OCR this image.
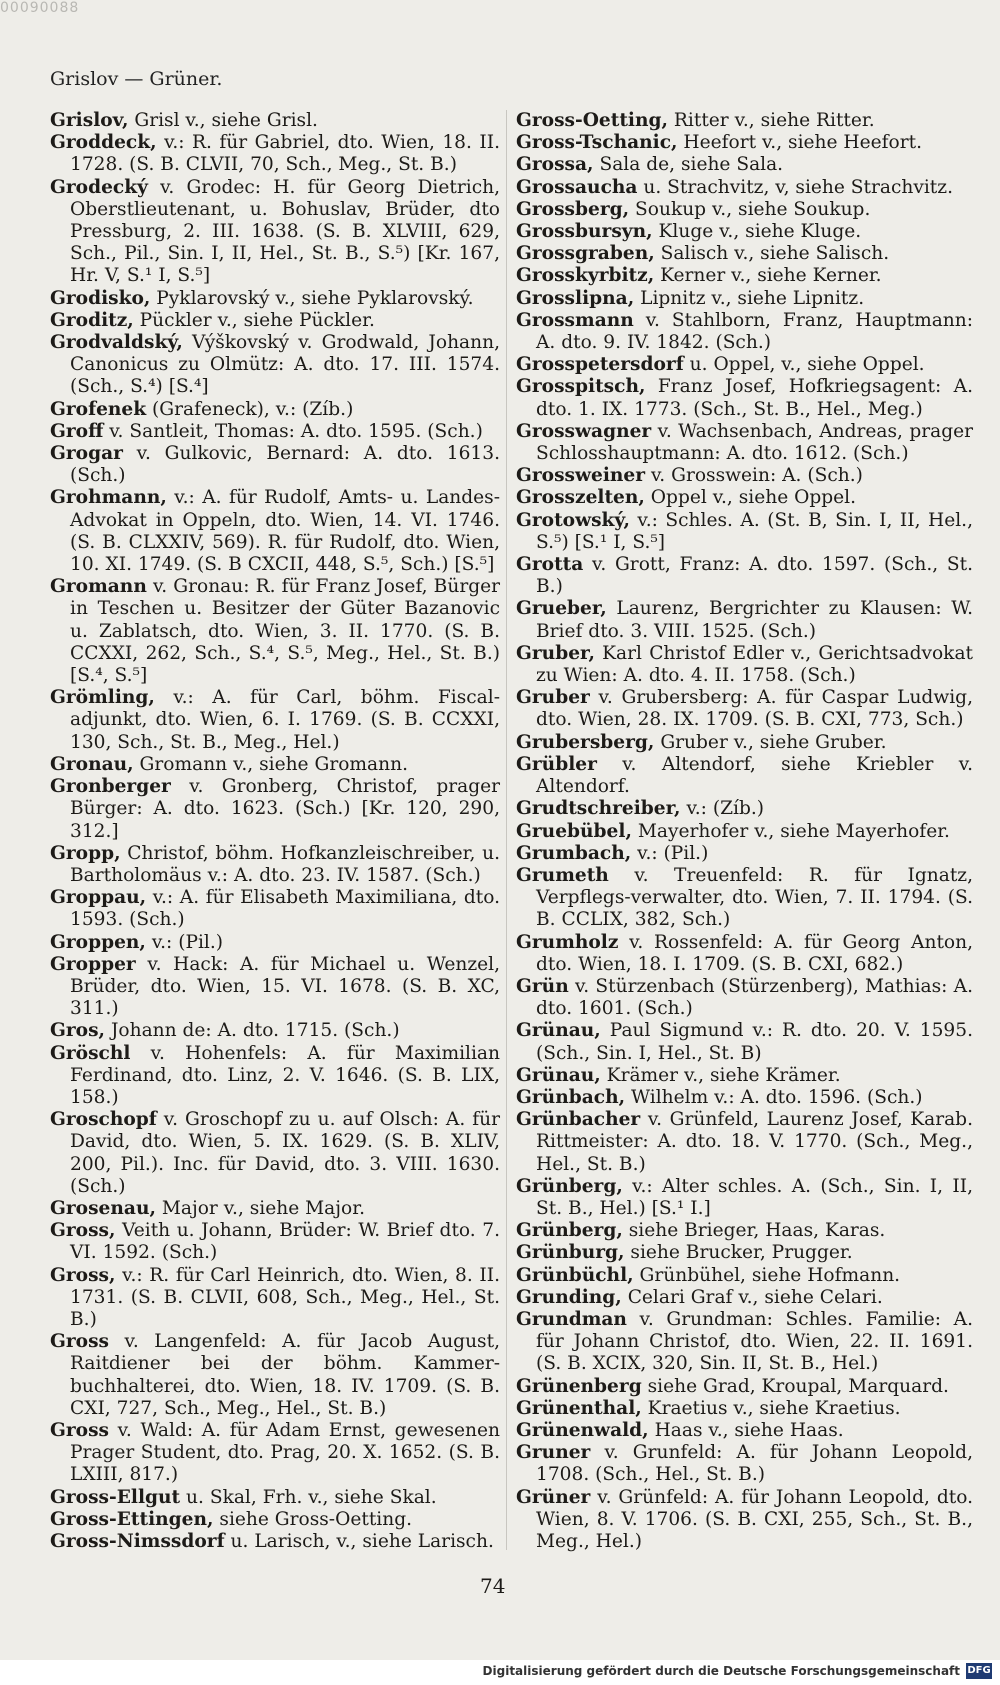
00090088
Grislov — Grüner.
Grislov, Grisl v., siehe Grisl.
Groddeck, v.: R. für Gabriel, dto. Wien, 18. II. 1728. (S. B. CLVII, 70, Sch., Meg., St. B.)
Grodecký v. Grodec: H. für Georg Dietrich, Oberstlieutenant, u. Bohuslav, Brüder, dto Pressburg, 2. III. 1638. (S. B. XLVIII, 629, Sch., Pil., Sin. I, II, Hel., St. B., S.⁵) [Kr. 167, Hr. V, S.¹ I, S.⁵]
Grodisko, Pyklarovský v., siehe Pyklarovský.
Groditz, Pückler v., siehe Pückler.
Grodvaldský, Výškovský v. Grodwald, Johann, Canonicus zu Olmütz: A. dto. 17. III. 1574. (Sch., S.⁴) [S.⁴]
Grofenek (Grafeneck), v.: (Zíb.)
Groff v. Santleit, Thomas: A. dto. 1595. (Sch.)
Grogar v. Gulkovic, Bernard: A. dto. 1613. (Sch.)
Grohmann, v.: A. für Rudolf, Amts- u. Landes-Advokat in Oppeln, dto. Wien, 14. VI. 1746. (S. B. CLXXIV, 569). R. für Rudolf, dto. Wien, 10. XI. 1749. (S. B CXCII, 448, S.⁵, Sch.) [S.⁵]
Gromann v. Gronau: R. für Franz Josef, Bürger in Teschen u. Besitzer der Güter Bazanovic u. Zablatsch, dto. Wien, 3. II. 1770. (S. B. CCXXI, 262, Sch., S.⁴, S.⁵, Meg., Hel., St. B.) [S.⁴, S.⁵]
Grömling, v.: A. für Carl, böhm. Fiscal-adjunkt, dto. Wien, 6. I. 1769. (S. B. CCXXI, 130, Sch., St. B., Meg., Hel.)
Gronau, Gromann v., siehe Gromann.
Gronberger v. Gronberg, Christof, prager Bürger: A. dto. 1623. (Sch.) [Kr. 120, 290, 312.]
Gropp, Christof, böhm. Hofkanzleischreiber, u. Bartholomäus v.: A. dto. 23. IV. 1587. (Sch.)
Groppau, v.: A. für Elisabeth Maximiliana, dto. 1593. (Sch.)
Groppen, v.: (Pil.)
Gropper v. Hack: A. für Michael u. Wenzel, Brüder, dto. Wien, 15. VI. 1678. (S. B. XC, 311.)
Gros, Johann de: A. dto. 1715. (Sch.)
Gröschl v. Hohenfels: A. für Maximilian Ferdinand, dto. Linz, 2. V. 1646. (S. B. LIX, 158.)
Groschopf v. Groschopf zu u. auf Olsch: A. für David, dto. Wien, 5. IX. 1629. (S. B. XLIV, 200, Pil.). Inc. für David, dto. 3. VIII. 1630. (Sch.)
Grosenau, Major v., siehe Major.
Gross, Veith u. Johann, Brüder: W. Brief dto. 7. VI. 1592. (Sch.)
Gross, v.: R. für Carl Heinrich, dto. Wien, 8. II. 1731. (S. B. CLVII, 608, Sch., Meg., Hel., St. B.)
Gross v. Langenfeld: A. für Jacob August, Raitdiener bei der böhm. Kammer-buchhalterei, dto. Wien, 18. IV. 1709. (S. B. CXI, 727, Sch., Meg., Hel., St. B.)
Gross v. Wald: A. für Adam Ernst, gewesenen Prager Student, dto. Prag, 20. X. 1652. (S. B. LXIII, 817.)
Gross-Ellgut u. Skal, Frh. v., siehe Skal.
Gross-Ettingen, siehe Gross-Oetting.
Gross-Nimssdorf u. Larisch, v., siehe Larisch.
Gross-Oetting, Ritter v., siehe Ritter.
Gross-Tschanic, Heefort v., siehe Heefort.
Grossa, Sala de, siehe Sala.
Grossaucha u. Strachvitz, v, siehe Strachvitz.
Grossberg, Soukup v., siehe Soukup.
Grossbursyn, Kluge v., siehe Kluge.
Grossgraben, Salisch v., siehe Salisch.
Grosskyrbitz, Kerner v., siehe Kerner.
Grosslipna, Lipnitz v., siehe Lipnitz.
Grossmann v. Stahlborn, Franz, Hauptmann: A. dto. 9. IV. 1842. (Sch.)
Grosspetersdorf u. Oppel, v., siehe Oppel.
Grosspitsch, Franz Josef, Hofkriegsagent: A. dto. 1. IX. 1773. (Sch., St. B., Hel., Meg.)
Grosswagner v. Wachsenbach, Andreas, prager Schlosshauptmann: A. dto. 1612. (Sch.)
Grossweiner v. Grosswein: A. (Sch.)
Grosszelten, Oppel v., siehe Oppel.
Grotowský, v.: Schles. A. (St. B, Sin. I, II, Hel., S.⁵) [S.¹ I, S.⁵]
Grotta v. Grott, Franz: A. dto. 1597. (Sch., St. B.)
Grueber, Laurenz, Bergrichter zu Klausen: W. Brief dto. 3. VIII. 1525. (Sch.)
Gruber, Karl Christof Edler v., Gerichtsadvokat zu Wien: A. dto. 4. II. 1758. (Sch.)
Gruber v. Grubersberg: A. für Caspar Ludwig, dto. Wien, 28. IX. 1709. (S. B. CXI, 773, Sch.)
Grubersberg, Gruber v., siehe Gruber.
Grübler v. Altendorf, siehe Kriebler v. Altendorf.
Grudtschreiber, v.: (Zíb.)
Gruebübel, Mayerhofer v., siehe Mayerhofer.
Grumbach, v.: (Pil.)
Grumeth v. Treuenfeld: R. für Ignatz, Verpflegs-verwalter, dto. Wien, 7. II. 1794. (S. B. CCLIX, 382, Sch.)
Grumholz v. Rossenfeld: A. für Georg Anton, dto. Wien, 18. I. 1709. (S. B. CXI, 682.)
Grün v. Stürzenbach (Stürzenberg), Mathias: A. dto. 1601. (Sch.)
Grünau, Paul Sigmund v.: R. dto. 20. V. 1595. (Sch., Sin. I, Hel., St. B)
Grünau, Krämer v., siehe Krämer.
Grünbach, Wilhelm v.: A. dto. 1596. (Sch.)
Grünbacher v. Grünfeld, Laurenz Josef, Karab. Rittmeister: A. dto. 18. V. 1770. (Sch., Meg., Hel., St. B.)
Grünberg, v.: Alter schles. A. (Sch., Sin. I, II, St. B., Hel.) [S.¹ I.]
Grünberg, siehe Brieger, Haas, Karas.
Grünburg, siehe Brucker, Prugger.
Grünbüchl, Grünbühel, siehe Hofmann.
Grunding, Celari Graf v., siehe Celari.
Grundman v. Grundman: Schles. Familie: A. für Johann Christof, dto. Wien, 22. II. 1691. (S. B. XCIX, 320, Sin. II, St. B., Hel.)
Grünenberg siehe Grad, Kroupal, Marquard.
Grünenthal, Kraetius v., siehe Kraetius.
Grünenwald, Haas v., siehe Haas.
Gruner v. Grunfeld: A. für Johann Leopold, 1708. (Sch., Hel., St. B.)
Grüner v. Grünfeld: A. für Johann Leopold, dto. Wien, 8. V. 1706. (S. B. CXI, 255, Sch., St. B., Meg., Hel.)
74
Digitalisierung gefördert durch die Deutsche Forschungsgemeinschaft DFG
